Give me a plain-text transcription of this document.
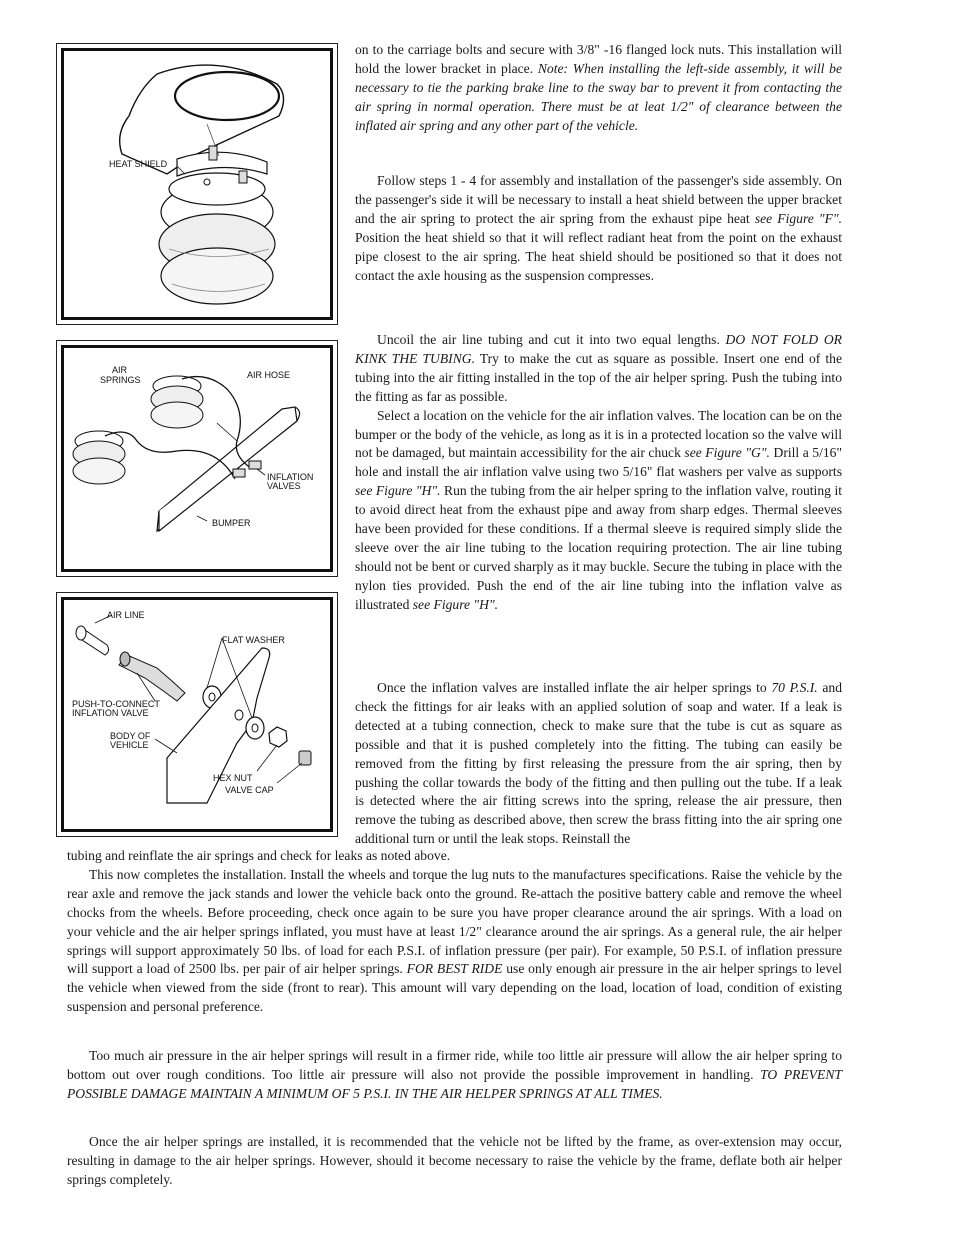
HEAT SHIELD
AIR
SPRINGS	AIR HOSE
INFLATION
VALVES
BUMPER
AIR LINE
FLAT WASHER
PUSH-TO-CONNECT
INFLATION VALVE
BODY OF
VEHICLE
HEX NUT
VALVE CAP

on to the carriage bolts and secure with 3/8" -16 flanged lock nuts. This installation will hold the lower bracket in place. Note: When installing the left-side assembly, it will be necessary to tie the parking brake line to the sway bar to prevent it from contacting the air spring in normal operation. There must be at leat 1/2" of clearance between the inflated air spring and any other part of the vehicle.

Follow steps 1 - 4 for assembly and installation of the passenger's side assembly. On the passenger's side it will be necessary to install a heat shield between the upper bracket and the air spring to protect the air spring from the exhaust pipe heat see Figure "F". Position the heat shield so that it will reflect radiant heat from the point on the exhaust pipe closest to the air spring. The heat shield should be positioned so that it does not contact the axle housing as the suspension compresses.

Uncoil the air line tubing and cut it into two equal lengths. DO NOT FOLD OR KINK THE TUBING. Try to make the cut as square as possible. Insert one end of the tubing into the air fitting installed in the top of the air helper spring. Push the tubing into the fitting as far as possible.

Select a location on the vehicle for the air inflation valves. The location can be on the bumper or the body of the vehicle, as long as it is in a protected location so the valve will not be damaged, but maintain accessibility for the air chuck see Figure "G". Drill a 5/16" hole and install the air inflation valve using two 5/16" flat washers per valve as supports see Figure "H". Run the tubing from the air helper spring to the inflation valve, routing it to avoid direct heat from the exhaust pipe and away from sharp edges. Thermal sleeves have been provided for these conditions. If a thermal sleeve is required simply slide the sleeve over the air line tubing to the location requiring protection. The air line tubing should not be bent or curved sharply as it may buckle. Secure the tubing in place with the nylon ties provided. Push the end of the air line tubing into the inflation valve as illustrated see Figure "H".

Once the inflation valves are installed inflate the air helper springs to 70 P.S.I. and check the fittings for air leaks with an applied solution of soap and water. If a leak is detected at a tubing connection, check to make sure that the tube is cut as square as possible and that it is pushed completely into the fitting. The tubing can easily be removed from the fitting by first releasing the pressure from the air spring, then by pushing the collar towards the body of the fitting and then pulling out the tube. If a leak is detected where the air fitting screws into the spring, release the air pressure, then remove the tubing as described above, then screw the brass fitting into the air spring one additional turn or until the leak stops. Reinstall the

tubing and reinflate the air springs and check for leaks as noted above.

This now completes the installation. Install the wheels and torque the lug nuts to the manufactures specifications. Raise the vehicle by the rear axle and remove the jack stands and lower the vehicle back onto the ground. Re-attach the positive battery cable and remove the wheel chocks from the wheels. Before proceeding, check once again to be sure you have proper clearance around the air springs. With a load on your vehicle and the air helper springs inflated, you must have at least 1/2" clearance around the air springs. As a general rule, the air helper springs will support approximately 50 lbs. of load for each P.S.I. of inflation pressure (per pair). For example, 50 P.S.I. of inflation pressure will support a load of 2500 lbs. per pair of air helper springs. FOR BEST RIDE use only enough air pressure in the air helper springs to level the vehicle when viewed from the side (front to rear). This amount will vary depending on the load, location of load, condition of existing suspension and personal preference.

Too much air pressure in the air helper springs will result in a firmer ride, while too little air pressure will allow the air helper spring to bottom out over rough conditions. Too little air pressure will also not provide the possible improvement in handling. TO PREVENT POSSIBLE DAMAGE MAINTAIN A MINIMUM OF 5 P.S.I. IN THE AIR HELPER SPRINGS AT ALL TIMES.

Once the air helper springs are installed, it is recommended that the vehicle not be lifted by the frame, as over-extension may occur, resulting in damage to the air helper springs. However, should it become necessary to raise the vehicle by the frame, deflate both air helper springs completely.
